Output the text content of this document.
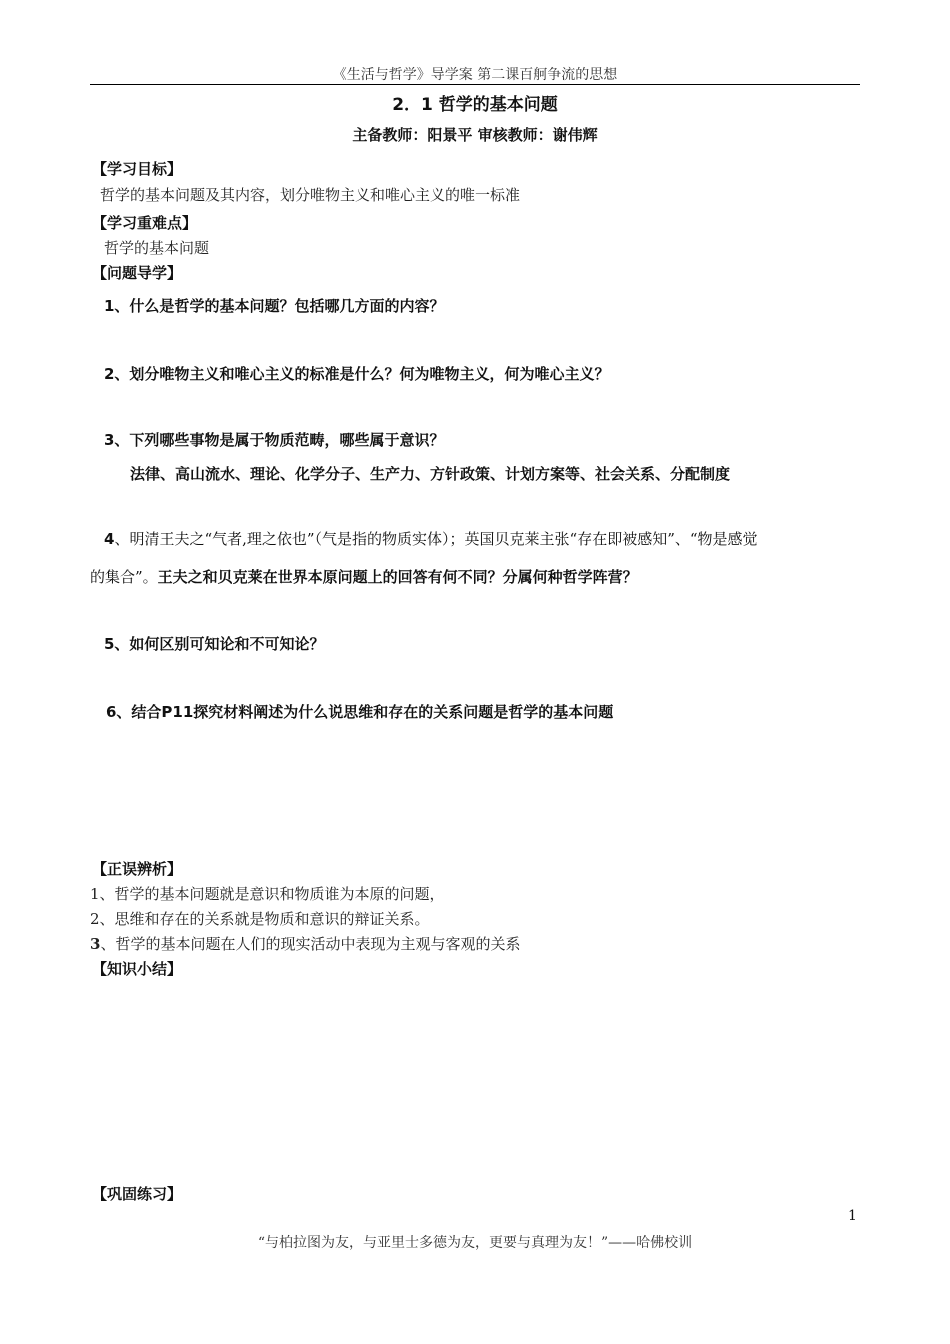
《生活与哲学》导学案 第二课百舸争流的思想
2．1 哲学的基本问题
主备教师：阳景平 审核教师：谢伟辉
【学习目标】
哲学的基本问题及其内容，划分唯物主义和唯心主义的唯一标准
【学习重难点】
哲学的基本问题
【问题导学】
1、什么是哲学的基本问题？包括哪几方面的内容？
2、划分唯物主义和唯心主义的标准是什么？何为唯物主义，何为唯心主义？
3、下列哪些事物是属于物质范畴，哪些属于意识？
法律、高山流水、理论、化学分子、生产力、方针政策、计划方案等、社会关系、分配制度
4、明清王夫之“气者,理之依也”（气是指的物质实体）；英国贝克莱主张“存在即被感知”、“物是感觉
的集合”。王夫之和贝克莱在世界本原问题上的回答有何不同？分属何种哲学阵营？
5、如何区别可知论和不可知论？
6、结合P11探究材料阐述为什么说思维和存在的关系问题是哲学的基本问题
【正误辨析】
1、哲学的基本问题就是意识和物质谁为本原的问题，
2、思维和存在的关系就是物质和意识的辩证关系。
3、哲学的基本问题在人们的现实活动中表现为主观与客观的关系
【知识小结】
【巩固练习】
1
“与柏拉图为友，与亚里士多德为友，更要与真理为友！”——哈佛校训
